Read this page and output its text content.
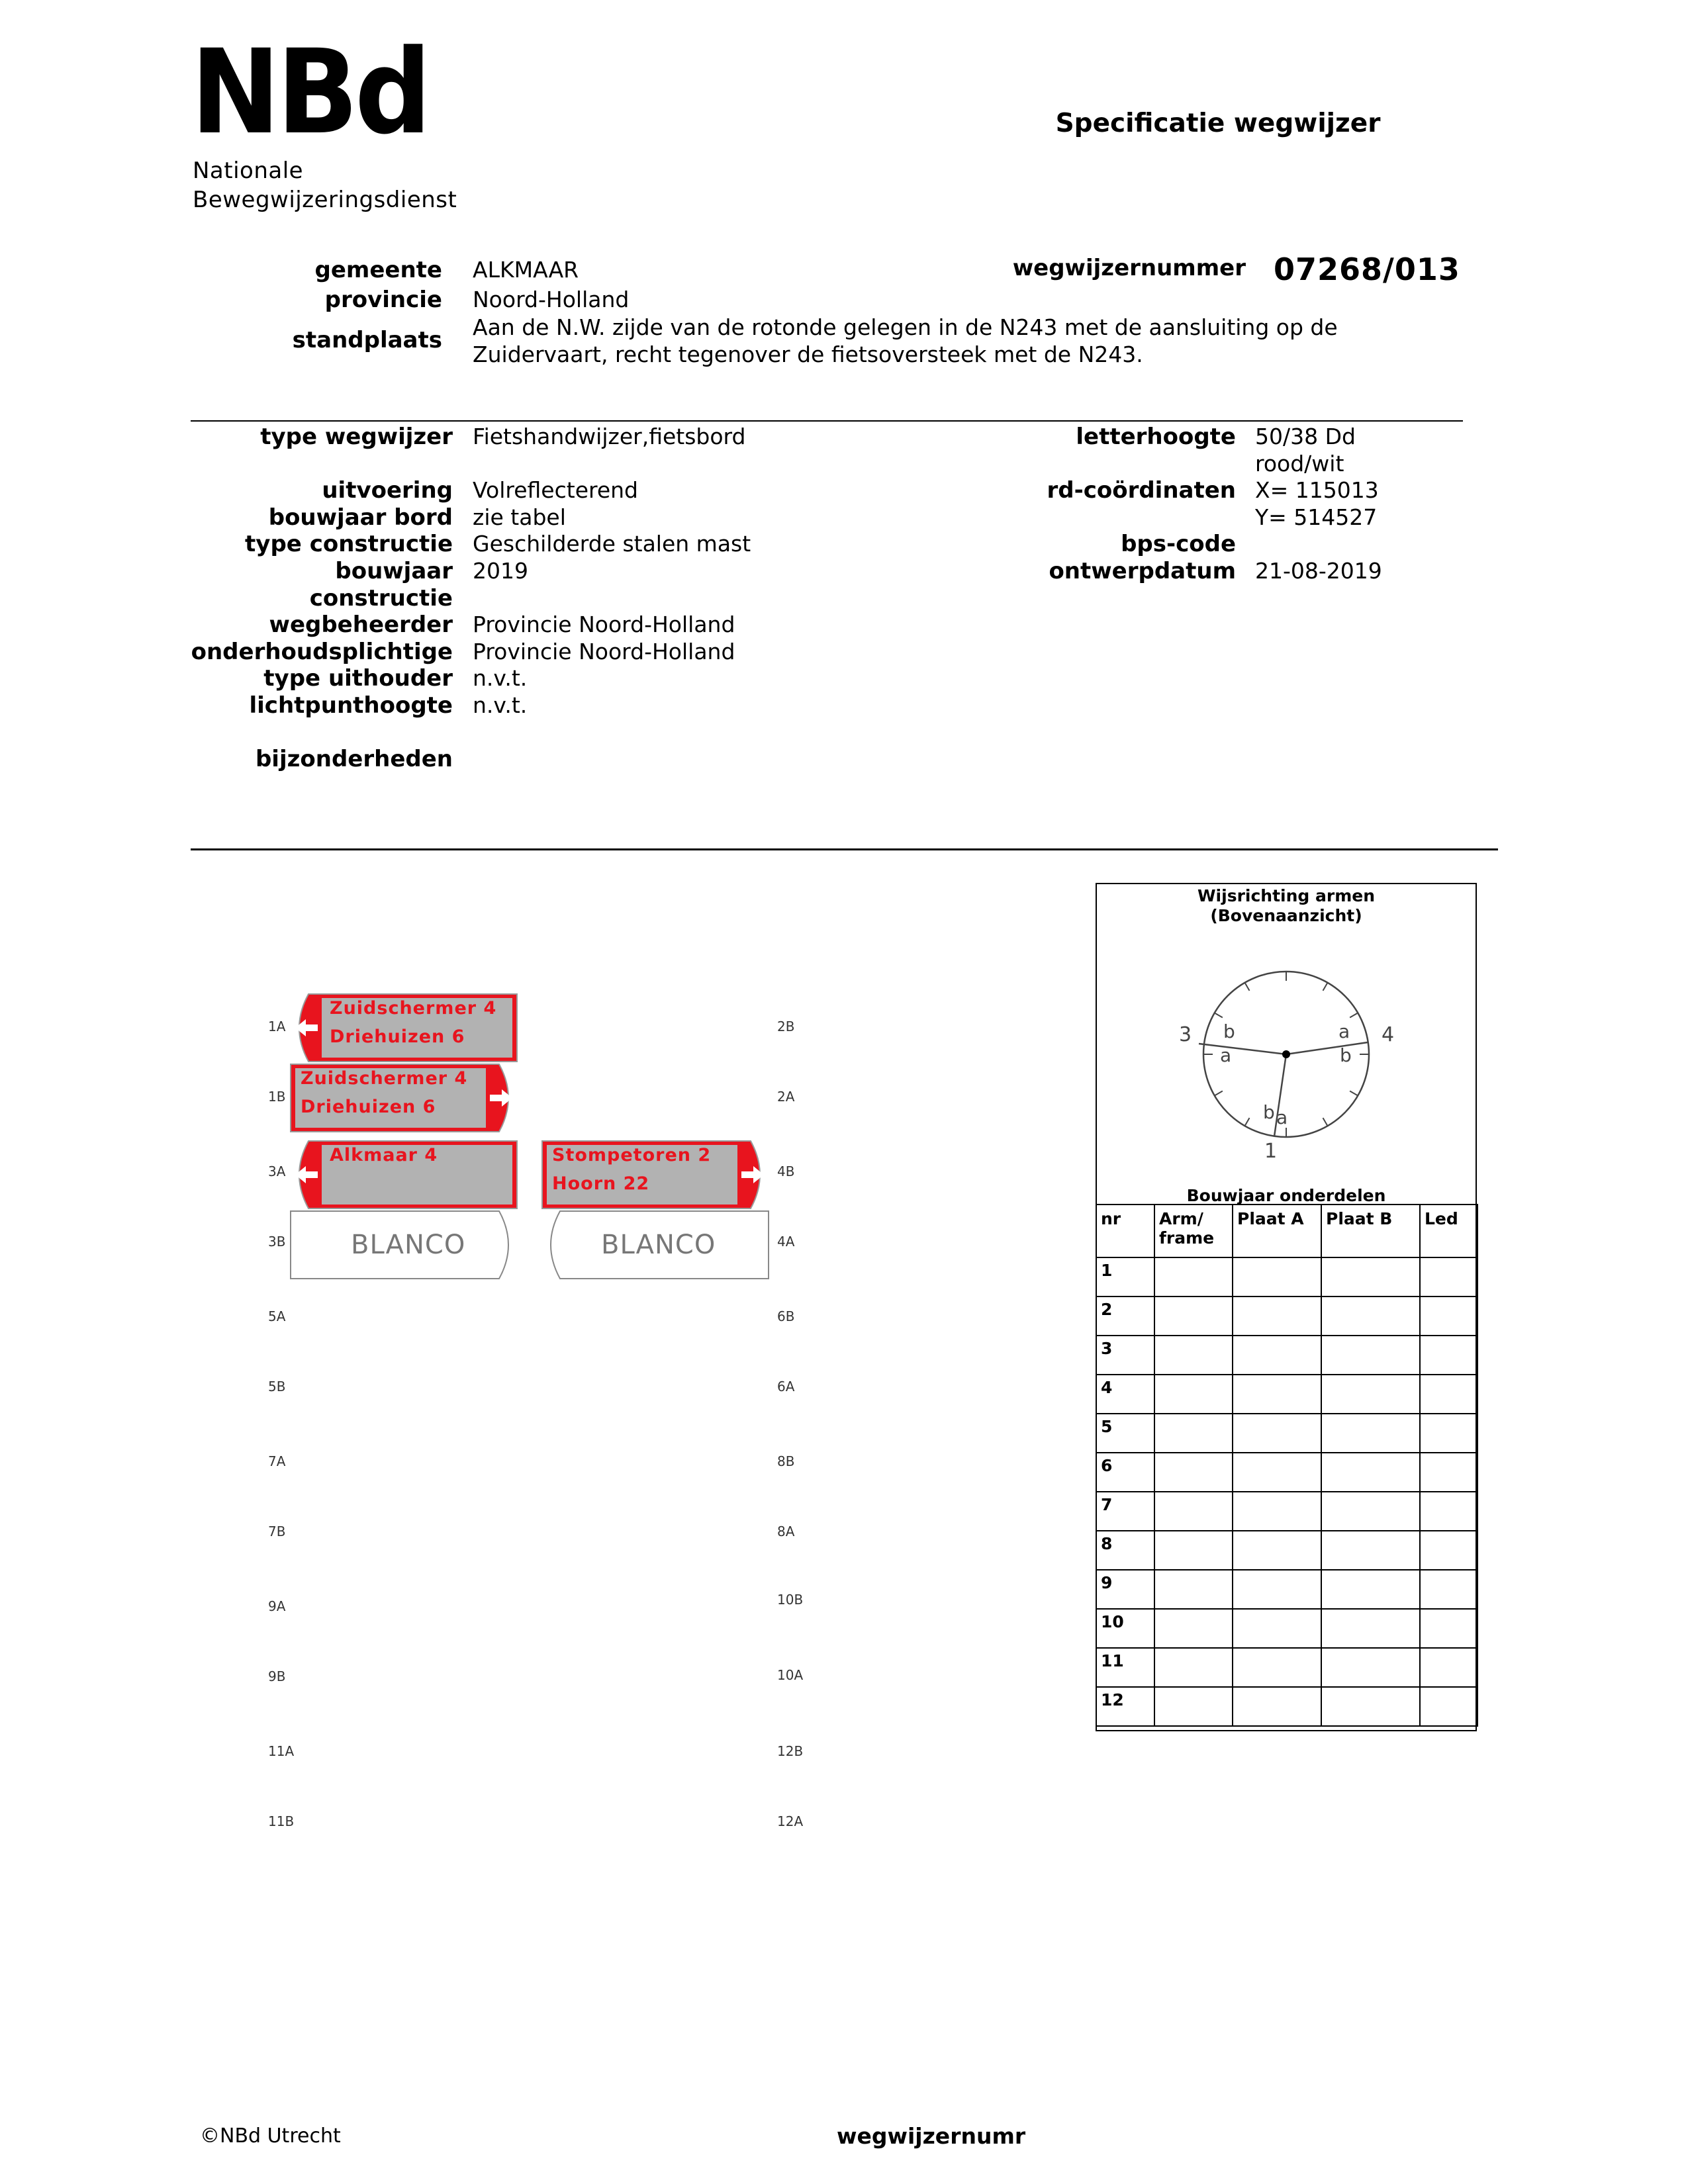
NBd
Nationale
Bewegwijzeringsdienst
Specificatie wegwijzer
gemeente ALKMAAR
provincie Noord-Holland
standplaats Aan de N.W. zijde van de rotonde gelegen in de N243 met de aansluiting op de
Zuidervaart, recht tegenover de fietsoversteek met de N243.
wegwijzernummer 07268/013
type wegwijzer Fietshandwijzer,fietsbord
uitvoering Volreflecterend
bouwjaar bord zie tabel
type constructie Geschilderde stalen mast
bouwjaar 2019
constructie
wegbeheerder Provincie Noord-Holland
onderhoudsplichtige Provincie Noord-Holland
type uithouder n.v.t.
lichtpunthoogte n.v.t.
bijzonderheden
letterhoogte 50/38 Dd
rood/wit
rd-coördinaten X= 115013
Y= 514527
bps-code
ontwerpdatum 21-08-2019
1A
1B
3A
3B
5A
5B
7A
7B
9A
9B
11A
11B
2B
2A
4B
4A
6B
6A
8B
8A
10B
10A
12B
12A
Zuidschermer 4
Driehuizen 6
Zuidschermer 4
Driehuizen 6
Alkmaar 4	Stompetoren 2
Hoorn 22
BLANCO	BLANCO
Wijsrichting armen
(Bovenaanzicht)
3	4
1
b
a
a
b
b a
Bouwjaar onderdelen
nr	Arm/ frame	Plaat A	Plaat B	Led
1				
2				
3				
4				
5				
6				
7				
8				
9				
10				
11				
12				
©NBd Utrecht	wegwijzernumr
